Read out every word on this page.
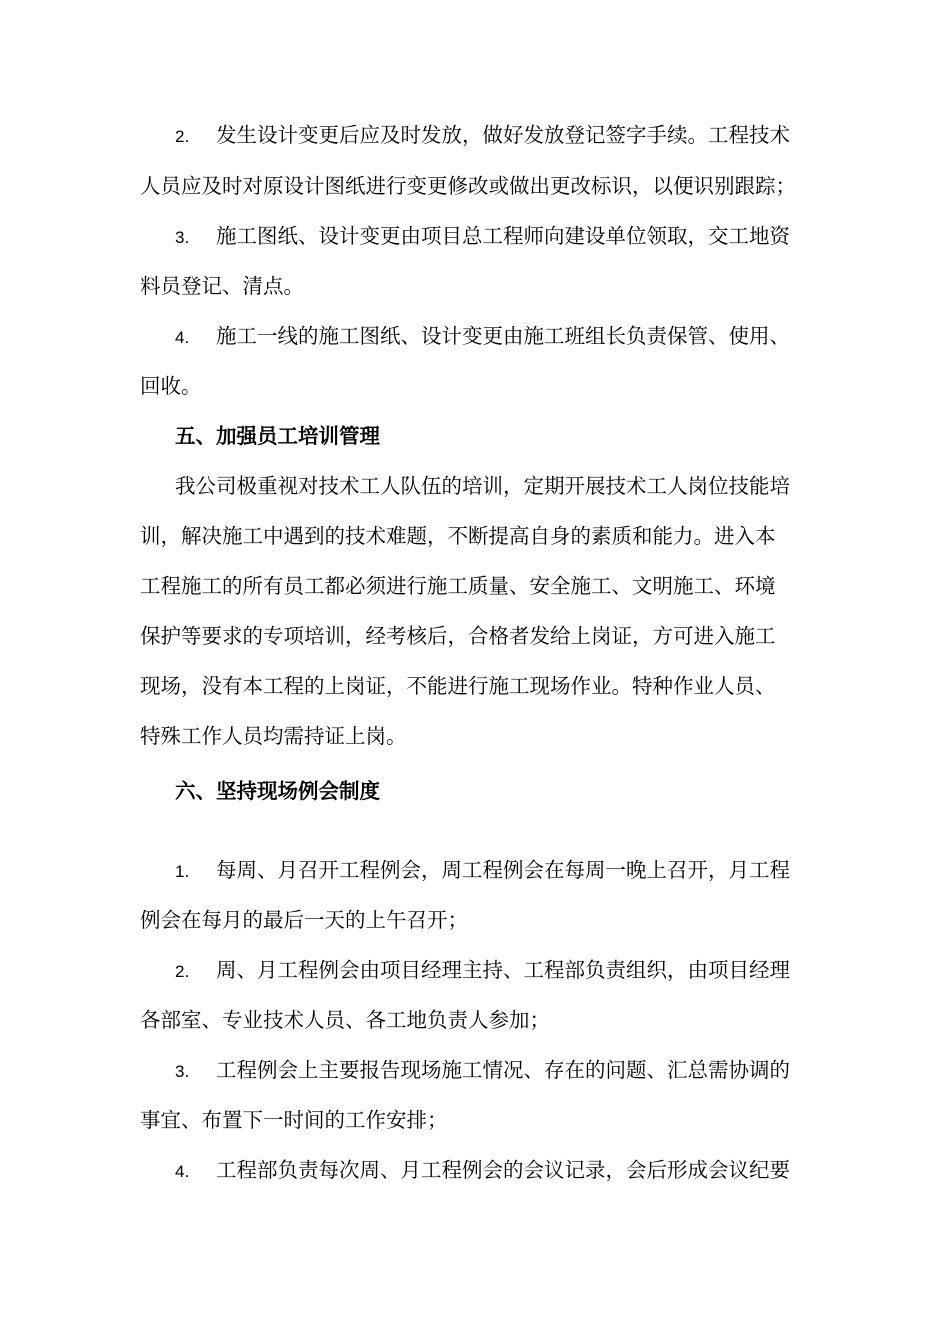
2. 发生设计变更后应及时发放，做好发放登记签字手续。工程技术
人员应及时对原设计图纸进行变更修改或做出更改标识，以便识别跟踪；
3. 施工图纸、设计变更由项目总工程师向建设单位领取，交工地资
料员登记、清点。
4. 施工一线的施工图纸、设计变更由施工班组长负责保管、使用、
回收。
五、加强员工培训管理
我公司极重视对技术工人队伍的培训，定期开展技术工人岗位技能培
训，解决施工中遇到的技术难题，不断提高自身的素质和能力。进入本
工程施工的所有员工都必须进行施工质量、安全施工、文明施工、环境
保护等要求的专项培训，经考核后，合格者发给上岗证，方可进入施工
现场，没有本工程的上岗证，不能进行施工现场作业。特种作业人员、
特殊工作人员均需持证上岗。
六、坚持现场例会制度
1. 每周、月召开工程例会，周工程例会在每周一晚上召开，月工程
例会在每月的最后一天的上午召开；
2. 周、月工程例会由项目经理主持、工程部负责组织，由项目经理
各部室、专业技术人员、各工地负责人参加；
3. 工程例会上主要报告现场施工情况、存在的问题、汇总需协调的
事宜、布置下一时间的工作安排；
4. 工程部负责每次周、月工程例会的会议记录，会后形成会议纪要
